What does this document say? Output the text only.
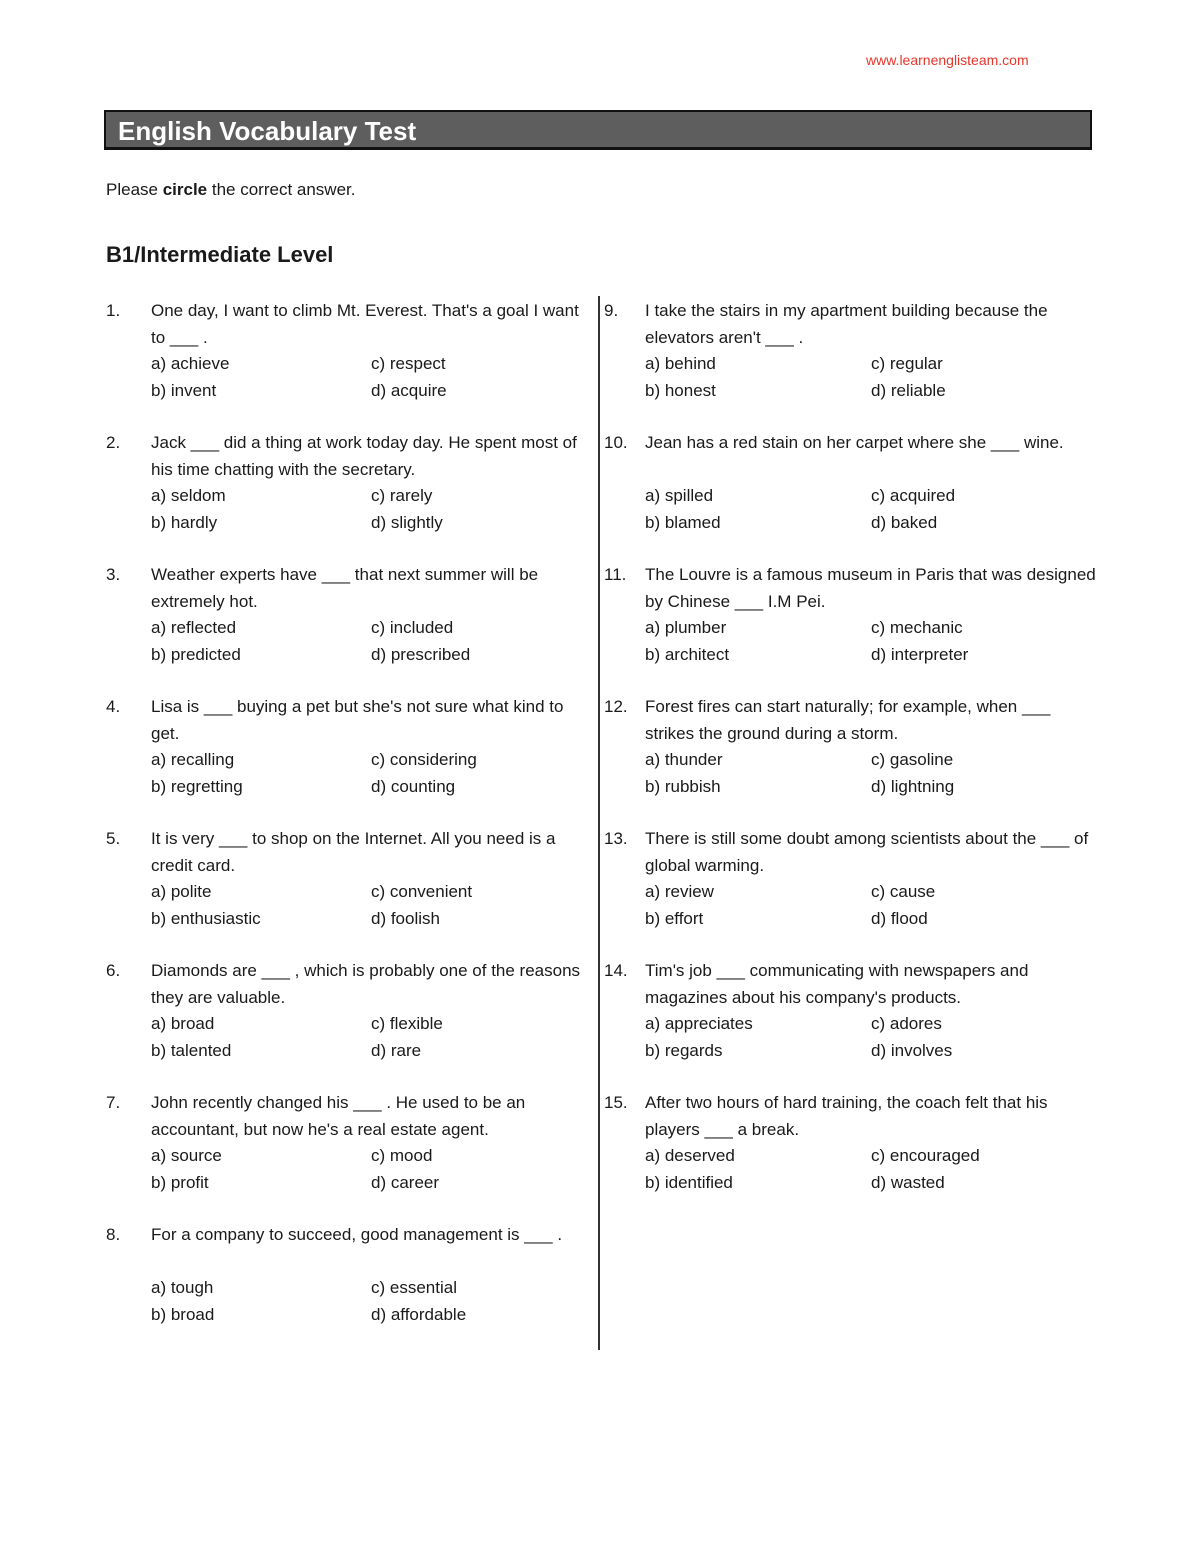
www.learnenglisteam.com
English Vocabulary Test
Please circle the correct answer.
B1/Intermediate Level
1.	One day, I want to climb Mt. Everest. That's a goal I want to ___ .
a) achieve	c) respect
b) invent	d) acquire
2.	Jack ___ did a thing at work today day. He spent most of his time chatting with the secretary.
a) seldom	c) rarely
b) hardly	d) slightly
3.	Weather experts have ___ that next summer will be extremely hot.
a) reflected	c) included
b) predicted	d) prescribed
4.	Lisa is ___ buying a pet but she's not sure what kind to get.
a) recalling	c) considering
b) regretting	d) counting
5.	It is very ___ to shop on the Internet. All you need is a credit card.
a) polite	c) convenient
b) enthusiastic	d) foolish
6.	Diamonds are ___ , which is probably one of the reasons they are valuable.
a) broad	c) flexible
b) talented	d) rare
7.	John recently changed his ___ . He used to be an accountant, but now he's a real estate agent.
a) source	c) mood
b) profit	d) career
8.	For a company to succeed, good management is ___ .
a) tough	c) essential
b) broad	d) affordable
9.	I take the stairs in my apartment building because the elevators aren't ___ .
a) behind	c) regular
b) honest	d) reliable
10.	Jean has a red stain on her carpet where she ___ wine.
a) spilled	c) acquired
b) blamed	d) baked
11.	The Louvre is a famous museum in Paris that was designed by Chinese ___ I.M Pei.
a) plumber	c) mechanic
b) architect	d) interpreter
12.	Forest fires can start naturally; for example, when ___ strikes the ground during a storm.
a) thunder	c) gasoline
b) rubbish	d) lightning
13.	There is still some doubt among scientists about the ___ of global warming.
a) review	c) cause
b) effort	d) flood
14.	Tim's job ___ communicating with newspapers and magazines about his company's products.
a) appreciates	c) adores
b) regards	d) involves
15.	After two hours of hard training, the coach felt that his players ___ a break.
a) deserved	c) encouraged
b) identified	d) wasted
